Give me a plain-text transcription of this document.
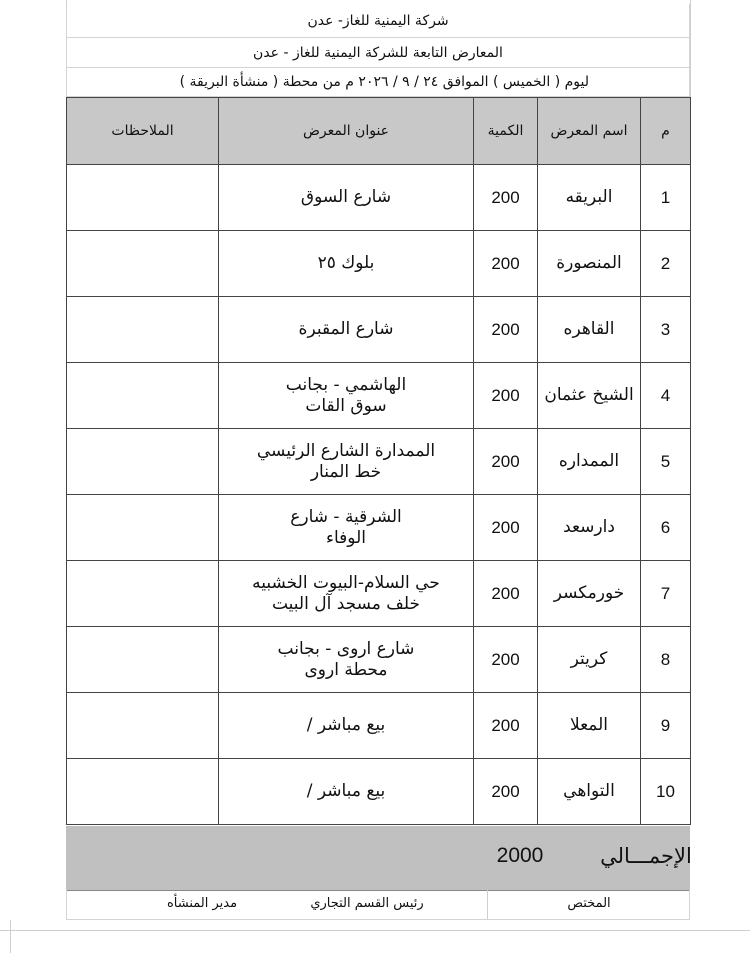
شركة اليمنية للغاز- عدن
المعارض التابعة للشركة اليمنية للغاز - عدن
ليوم ( الخميس ) الموافق ٢٤ / ٩ / ٢٠٢٦ م من محطة ( منشأة البريقة )
م	اسم المعرض	الكمية	عنوان المعرض	الملاحظات
1	البريقه	200	شارع السوق	

2	المنصورة	200	بلوك ٢٥	

3	القاهره	200	شارع المقبرة	

4	الشيخ عثمان	200	الهاشمي - بجانب
سوق القات	

5	الممداره	200	الممدارة الشارع الرئيسي
خط المنار	

6	دارسعد	200	الشرقية - شارع
الوفاء	

7	خورمكسر	200	حي السلام-البيوت الخشبيه
خلف مسجد آل البيت	

8	كريتر	200	شارع اروى - بجانب
محطة اروى	

9	المعلا	200	بيع مباشر /	

10	التواهي	200	بيع مباشر /	

الإجمـــالي
2000
المختص
رئيس القسم التجاري
مدير المنشأه
